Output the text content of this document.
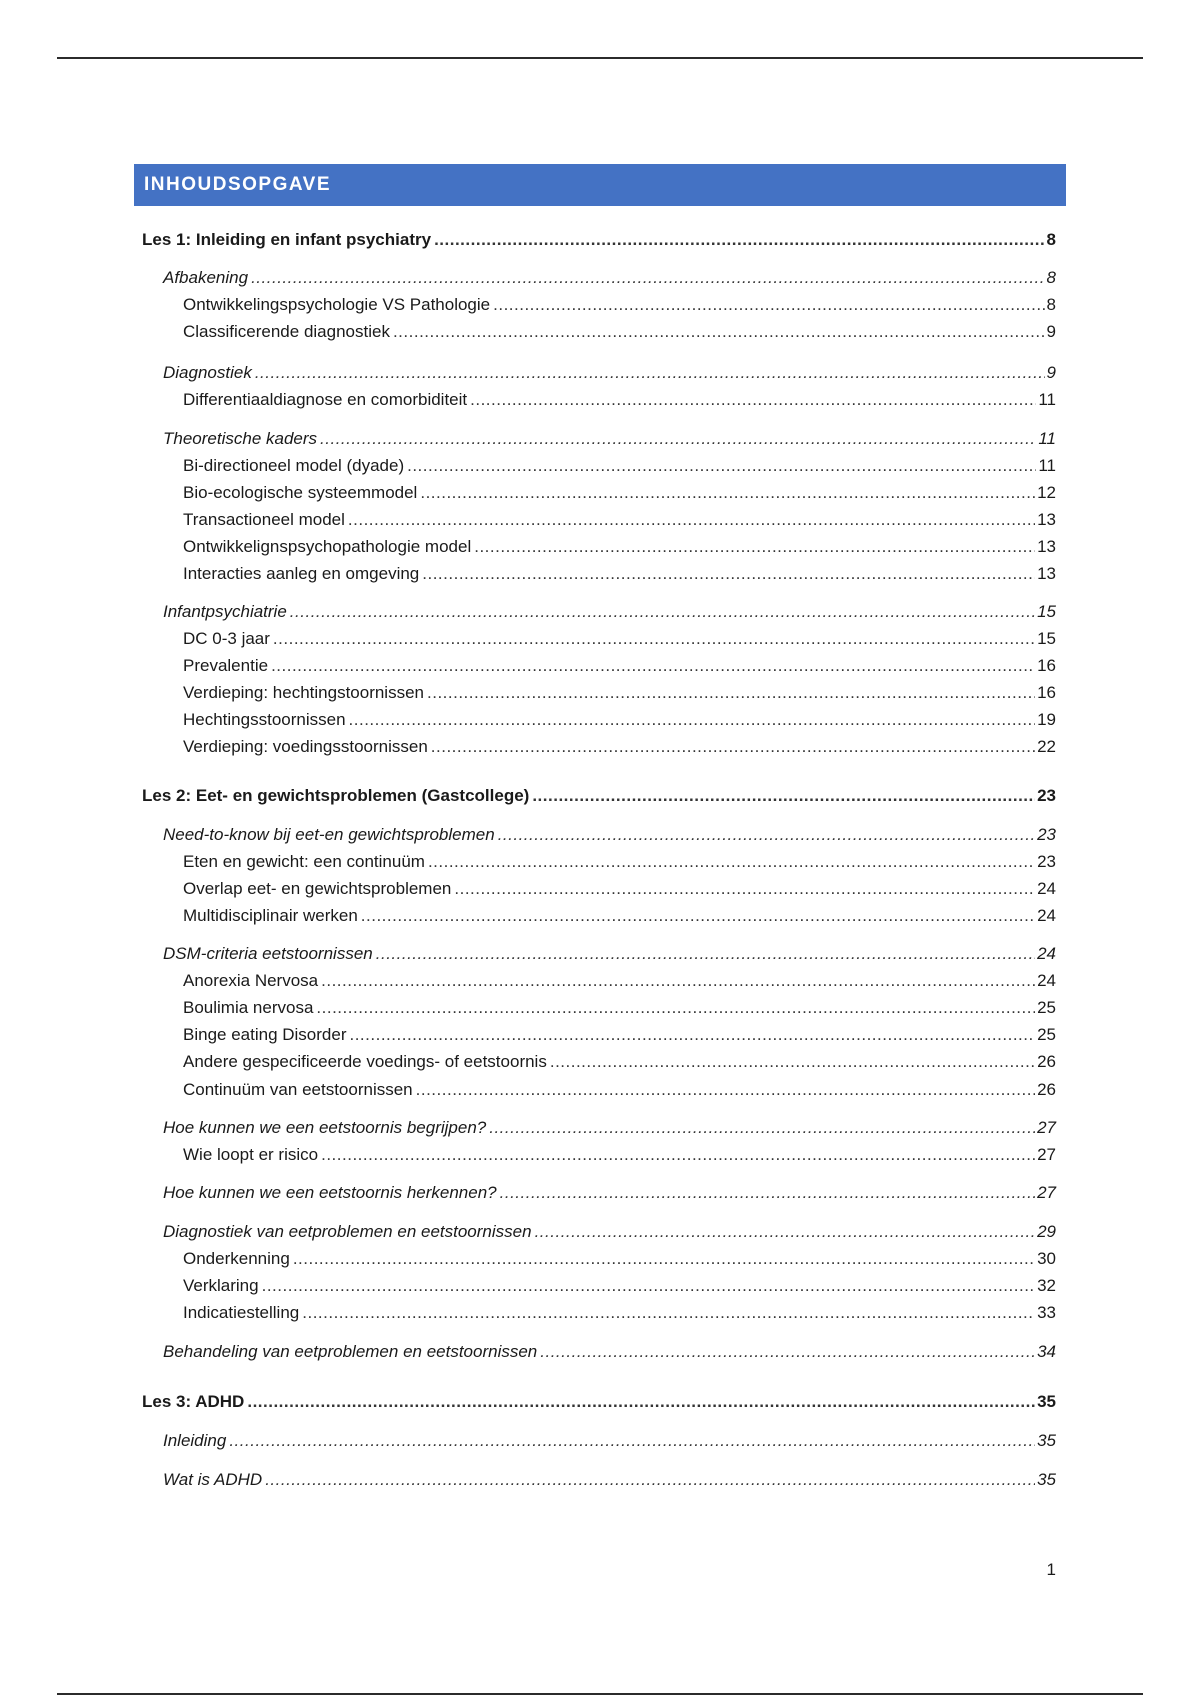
INHOUDSOPGAVE
Les 1: Inleiding en infant psychiatry .....	8
Afbakening .....	8
Ontwikkelingspsychologie VS Pathologie .....	8
Classificerende diagnostiek .....	9
Diagnostiek .....	9
Differentiaaldiagnose en comorbiditeit .....	11
Theoretische kaders .....	11
Bi-directioneel model (dyade) .....	11
Bio-ecologische systeemmodel .....	12
Transactioneel model .....	13
Ontwikkelignspsychopathologie model .....	13
Interacties aanleg en omgeving .....	13
Infantpsychiatrie .....	15
DC 0-3 jaar .....	15
Prevalentie .....	16
Verdieping: hechtingstoornissen .....	16
Hechtingsstoornissen .....	19
Verdieping: voedingsstoornissen .....	22
Les 2: Eet- en gewichtsproblemen (Gastcollege) .....	23
Need-to-know bij eet-en gewichtsproblemen .....	23
Eten en gewicht: een continuüm .....	23
Overlap eet- en gewichtsproblemen .....	24
Multidisciplinair werken .....	24
DSM-criteria eetstoornissen .....	24
Anorexia Nervosa .....	24
Boulimia nervosa .....	25
Binge eating Disorder .....	25
Andere gespecificeerde voedings- of eetstoornis .....	26
Continuüm van eetstoornissen .....	26
Hoe kunnen we een eetstoornis begrijpen? .....	27
Wie loopt er risico .....	27
Hoe kunnen we een eetstoornis herkennen? .....	27
Diagnostiek van eetproblemen en eetstoornissen .....	29
Onderkenning .....	30
Verklaring .....	32
Indicatiestelling .....	33
Behandeling van eetproblemen en eetstoornissen .....	34
Les 3: ADHD .....	35
Inleiding .....	35
Wat is ADHD .....	35
1
